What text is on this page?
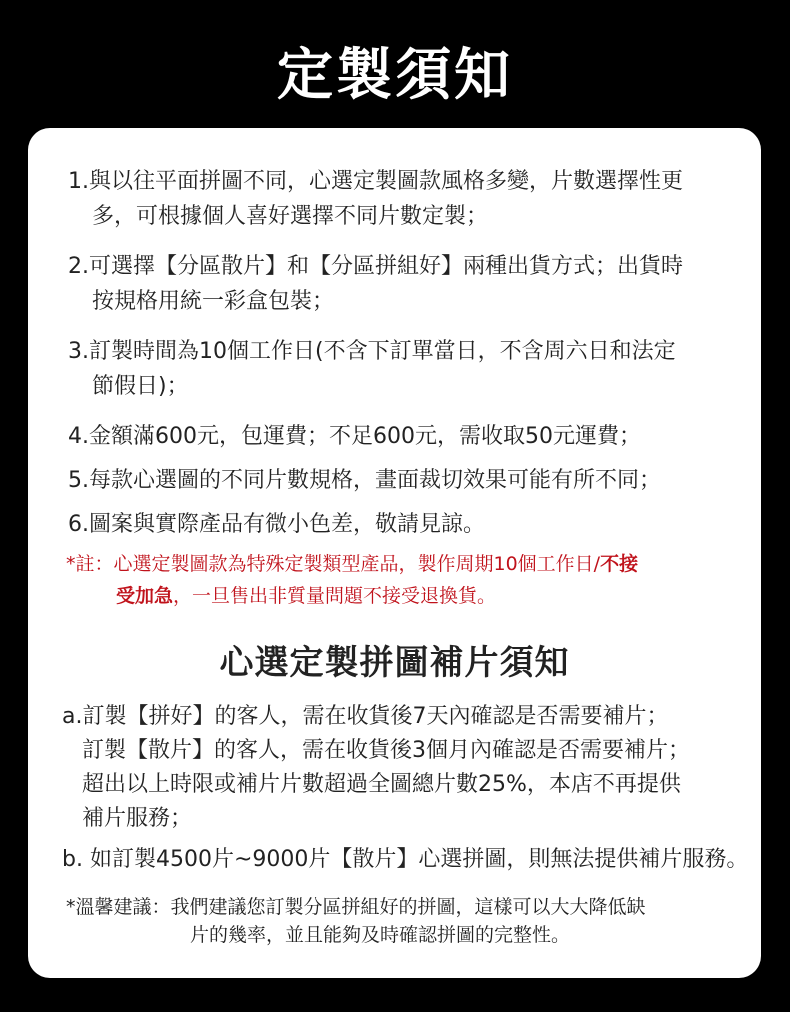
定製須知
1.與以往平面拼圖不同，心選定製圖款風格多變，片數選擇性更
多，可根據個人喜好選擇不同片數定製；
2.可選擇【分區散片】和【分區拼組好】兩種出貨方式；出貨時
按規格用統一彩盒包裝；
3.訂製時間為10個工作日(不含下訂單當日，不含周六日和法定
節假日)；
4.金額滿600元，包運費；不足600元，需收取50元運費；
5.每款心選圖的不同片數規格，畫面裁切效果可能有所不同；
6.圖案與實際產品有微小色差，敬請見諒。
*註：心選定製圖款為特殊定製類型產品，製作周期10個工作日/不接
受加急，一旦售出非質量問題不接受退換貨。
心選定製拼圖補片須知
a.訂製【拼好】的客人，需在收貨後7天內確認是否需要補片；
訂製【散片】的客人，需在收貨後3個月內確認是否需要補片；
超出以上時限或補片片數超過全圖總片數25%，本店不再提供
補片服務；
b. 如訂製4500片~9000片【散片】心選拼圖，則無法提供補片服務。
*溫馨建議：我們建議您訂製分區拼組好的拼圖，這樣可以大大降低缺
片的幾率，並且能夠及時確認拼圖的完整性。
